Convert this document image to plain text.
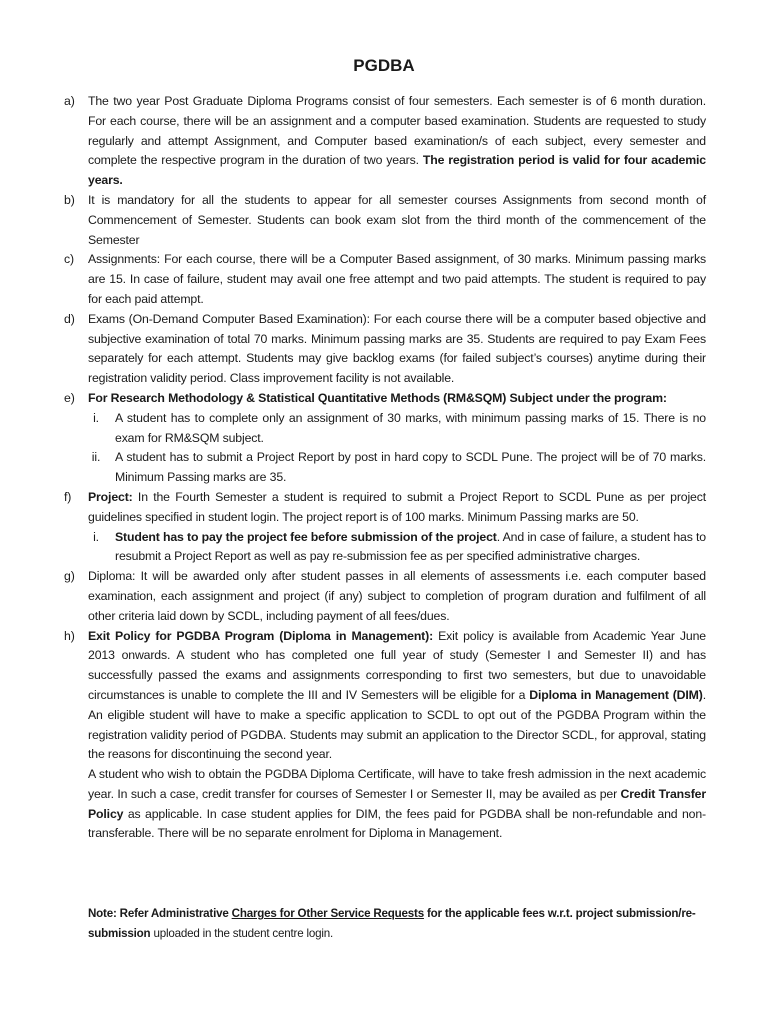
PGDBA
a) The two year Post Graduate Diploma Programs consist of four semesters. Each semester is of 6 month duration. For each course, there will be an assignment and a computer based examination. Students are requested to study regularly and attempt Assignment, and Computer based examination/s of each subject, every semester and complete the respective program in the duration of two years. The registration period is valid for four academic years.
b) It is mandatory for all the students to appear for all semester courses Assignments from second month of Commencement of Semester. Students can book exam slot from the third month of the commencement of the Semester
c) Assignments: For each course, there will be a Computer Based assignment, of 30 marks. Minimum passing marks are 15. In case of failure, student may avail one free attempt and two paid attempts. The student is required to pay for each paid attempt.
d) Exams (On-Demand Computer Based Examination): For each course there will be a computer based objective and subjective examination of total 70 marks. Minimum passing marks are 35. Students are required to pay Exam Fees separately for each attempt. Students may give backlog exams (for failed subject’s courses) anytime during their registration validity period. Class improvement facility is not available.
e) For Research Methodology & Statistical Quantitative Methods (RM&SQM) Subject under the program:
i.	A student has to complete only an assignment of 30 marks, with minimum passing marks of 15. There is no exam for RM&SQM subject.
ii.	A student has to submit a Project Report by post in hard copy to SCDL Pune. The project will be of 70 marks. Minimum Passing marks are 35.
f) Project: In the Fourth Semester a student is required to submit a Project Report to SCDL Pune as per project guidelines specified in student login. The project report is of 100 marks. Minimum Passing marks are 50.
i.	Student has to pay the project fee before submission of the project. And in case of failure, a student has to resubmit a Project Report as well as pay re-submission fee as per specified administrative charges.
g) Diploma: It will be awarded only after student passes in all elements of assessments i.e. each computer based examination, each assignment and project (if any) subject to completion of program duration and fulfilment of all other criteria laid down by SCDL, including payment of all fees/dues.
h) Exit Policy for PGDBA Program (Diploma in Management): Exit policy is available from Academic Year June 2013 onwards. A student who has completed one full year of study (Semester I and Semester II) and has successfully passed the exams and assignments corresponding to first two semesters, but due to unavoidable circumstances is unable to complete the III and IV Semesters will be eligible for a Diploma in Management (DIM). An eligible student will have to make a specific application to SCDL to opt out of the PGDBA Program within the registration validity period of PGDBA. Students may submit an application to the Director SCDL, for approval, stating the reasons for discontinuing the second year.
A student who wish to obtain the PGDBA Diploma Certificate, will have to take fresh admission in the next academic year. In such a case, credit transfer for courses of Semester I or Semester II, may be availed as per Credit Transfer Policy as applicable. In case student applies for DIM, the fees paid for PGDBA shall be non-refundable and non-transferable. There will be no separate enrolment for Diploma in Management.
Note: Refer Administrative Charges for Other Service Requests for the applicable fees w.r.t. project submission/re-submission uploaded in the student centre login.
